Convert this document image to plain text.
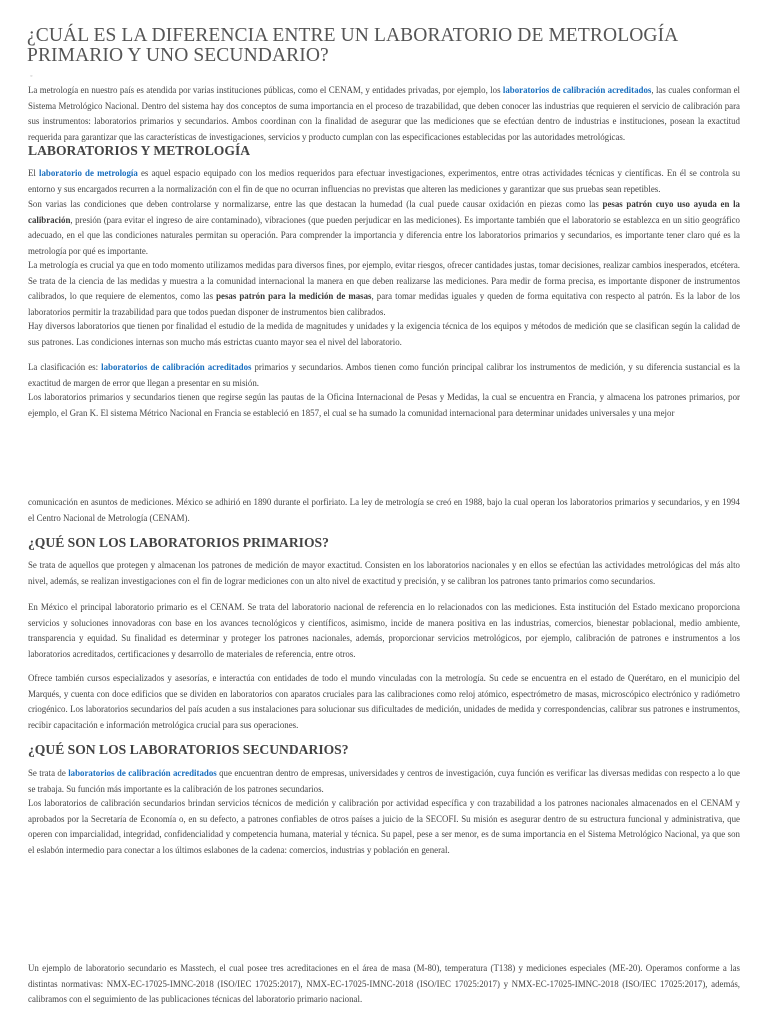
¿CUÁL ES LA DIFERENCIA ENTRE UN LABORATORIO DE METROLOGÍA PRIMARIO Y UNO SECUNDARIO?
◦

La metrología en nuestro país es atendida por varias instituciones públicas, como el CENAM, y entidades privadas, por ejemplo, los laboratorios de calibración acreditados, las cuales conforman el Sistema Metrológico Nacional. Dentro del sistema hay dos conceptos de suma importancia en el proceso de trazabilidad, que deben conocer las industrias que requieren el servicio de calibración para sus instrumentos: laboratorios primarios y secundarios. Ambos coordinan con la finalidad de asegurar que las mediciones que se efectúan dentro de industrias e instituciones, posean la exactitud requerida para garantizar que las características de investigaciones, servicios y producto cumplan con las especificaciones establecidas por las autoridades metrológicas.

LABORATORIOS Y METROLOGÍA

El laboratorio de metrología es aquel espacio equipado con los medios requeridos para efectuar investigaciones, experimentos, entre otras actividades técnicas y científicas. En él se controla su entorno y sus encargados recurren a la normalización con el fin de que no ocurran influencias no previstas que alteren las mediciones y garantizar que sus pruebas sean repetibles.

Son varias las condiciones que deben controlarse y normalizarse, entre las que destacan la humedad (la cual puede causar oxidación en piezas como las pesas patrón cuyo uso ayuda en la calibración, presión (para evitar el ingreso de aire contaminado), vibraciones (que pueden perjudicar en las mediciones). Es importante también que el laboratorio se establezca en un sitio geográfico adecuado, en el que las condiciones naturales permitan su operación. Para comprender la importancia y diferencia entre los laboratorios primarios y secundarios, es importante tener claro qué es la metrología por qué es importante.

La metrología es crucial ya que en todo momento utilizamos medidas para diversos fines, por ejemplo, evitar riesgos, ofrecer cantidades justas, tomar decisiones, realizar cambios inesperados, etcétera. Se trata de la ciencia de las medidas y muestra a la comunidad internacional la manera en que deben realizarse las mediciones. Para medir de forma precisa, es importante disponer de instrumentos calibrados, lo que requiere de elementos, como las pesas patrón para la medición de masas, para tomar medidas iguales y queden de forma equitativa con respecto al patrón. Es la labor de los laboratorios permitir la trazabilidad para que todos puedan disponer de instrumentos bien calibrados.

Hay diversos laboratorios que tienen por finalidad el estudio de la medida de magnitudes y unidades y la exigencia técnica de los equipos y métodos de medición que se clasifican según la calidad de sus patrones. Las condiciones internas son mucho más estrictas cuanto mayor sea el nivel del laboratorio.

La clasificación es: laboratorios de calibración acreditados primarios y secundarios. Ambos tienen como función principal calibrar los instrumentos de medición, y su diferencia sustancial es la exactitud de margen de error que llegan a presentar en su misión.

Los laboratorios primarios y secundarios tienen que regirse según las pautas de la Oficina Internacional de Pesas y Medidas, la cual se encuentra en Francia, y almacena los patrones primarios, por ejemplo, el Gran K. El sistema Métrico Nacional en Francia se estableció en 1857, el cual se ha sumado la comunidad internacional para determinar unidades universales y una mejor

comunicación en asuntos de mediciones. México se adhirió en 1890 durante el porfiriato. La ley de metrología se creó en 1988, bajo la cual operan los laboratorios primarios y secundarios, y en 1994 el Centro Nacional de Metrología (CENAM).

¿QUÉ SON LOS LABORATORIOS PRIMARIOS?

Se trata de aquellos que protegen y almacenan los patrones de medición de mayor exactitud. Consisten en los laboratorios nacionales y en ellos se efectúan las actividades metrológicas del más alto nivel, además, se realizan investigaciones con el fin de lograr mediciones con un alto nivel de exactitud y precisión, y se calibran los patrones tanto primarios como secundarios.

En México el principal laboratorio primario es el CENAM. Se trata del laboratorio nacional de referencia en lo relacionados con las mediciones. Esta institución del Estado mexicano proporciona servicios y soluciones innovadoras con base en los avances tecnológicos y científicos, asimismo, incide de manera positiva en las industrias, comercios, bienestar poblacional, medio ambiente, transparencia y equidad. Su finalidad es determinar y proteger los patrones nacionales, además, proporcionar servicios metrológicos, por ejemplo, calibración de patrones e instrumentos a los laboratorios acreditados, certificaciones y desarrollo de materiales de referencia, entre otros.

Ofrece también cursos especializados y asesorías, e interactúa con entidades de todo el mundo vinculadas con la metrología. Su cede se encuentra en el estado de Querétaro, en el municipio del Marqués, y cuenta con doce edificios que se dividen en laboratorios con aparatos cruciales para las calibraciones como reloj atómico, espectrómetro de masas, microscópico electrónico y radiómetro criogénico. Los laboratorios secundarios del país acuden a sus instalaciones para solucionar sus dificultades de medición, unidades de medida y correspondencias, calibrar sus patrones e instrumentos, recibir capacitación e información metrológica crucial para sus operaciones.

¿QUÉ SON LOS LABORATORIOS SECUNDARIOS?

Se trata de laboratorios de calibración acreditados que encuentran dentro de empresas, universidades y centros de investigación, cuya función es verificar las diversas medidas con respecto a lo que se trabaja. Su función más importante es la calibración de los patrones secundarios.

Los laboratorios de calibración secundarios brindan servicios técnicos de medición y calibración por actividad específica y con trazabilidad a los patrones nacionales almacenados en el CENAM y aprobados por la Secretaría de Economía o, en su defecto, a patrones confiables de otros países a juicio de la SECOFI. Su misión es asegurar dentro de su estructura funcional y administrativa, que operen con imparcialidad, integridad, confidencialidad y competencia humana, material y técnica. Su papel, pese a ser menor, es de suma importancia en el Sistema Metrológico Nacional, ya que son el eslabón intermedio para conectar a los últimos eslabones de la cadena: comercios, industrias y población en general.

Un ejemplo de laboratorio secundario es Masstech, el cual posee tres acreditaciones en el área de masa (M-80), temperatura (T138) y mediciones especiales (ME-20). Operamos conforme a las distintas normativas: NMX-EC-17025-IMNC-2018 (ISO/IEC 17025:2017), NMX-EC-17025-IMNC-2018 (ISO/IEC 17025:2017) y NMX-EC-17025-IMNC-2018 (ISO/IEC 17025:2017), además, calibramos con el seguimiento de las publicaciones técnicas del laboratorio primario nacional.
